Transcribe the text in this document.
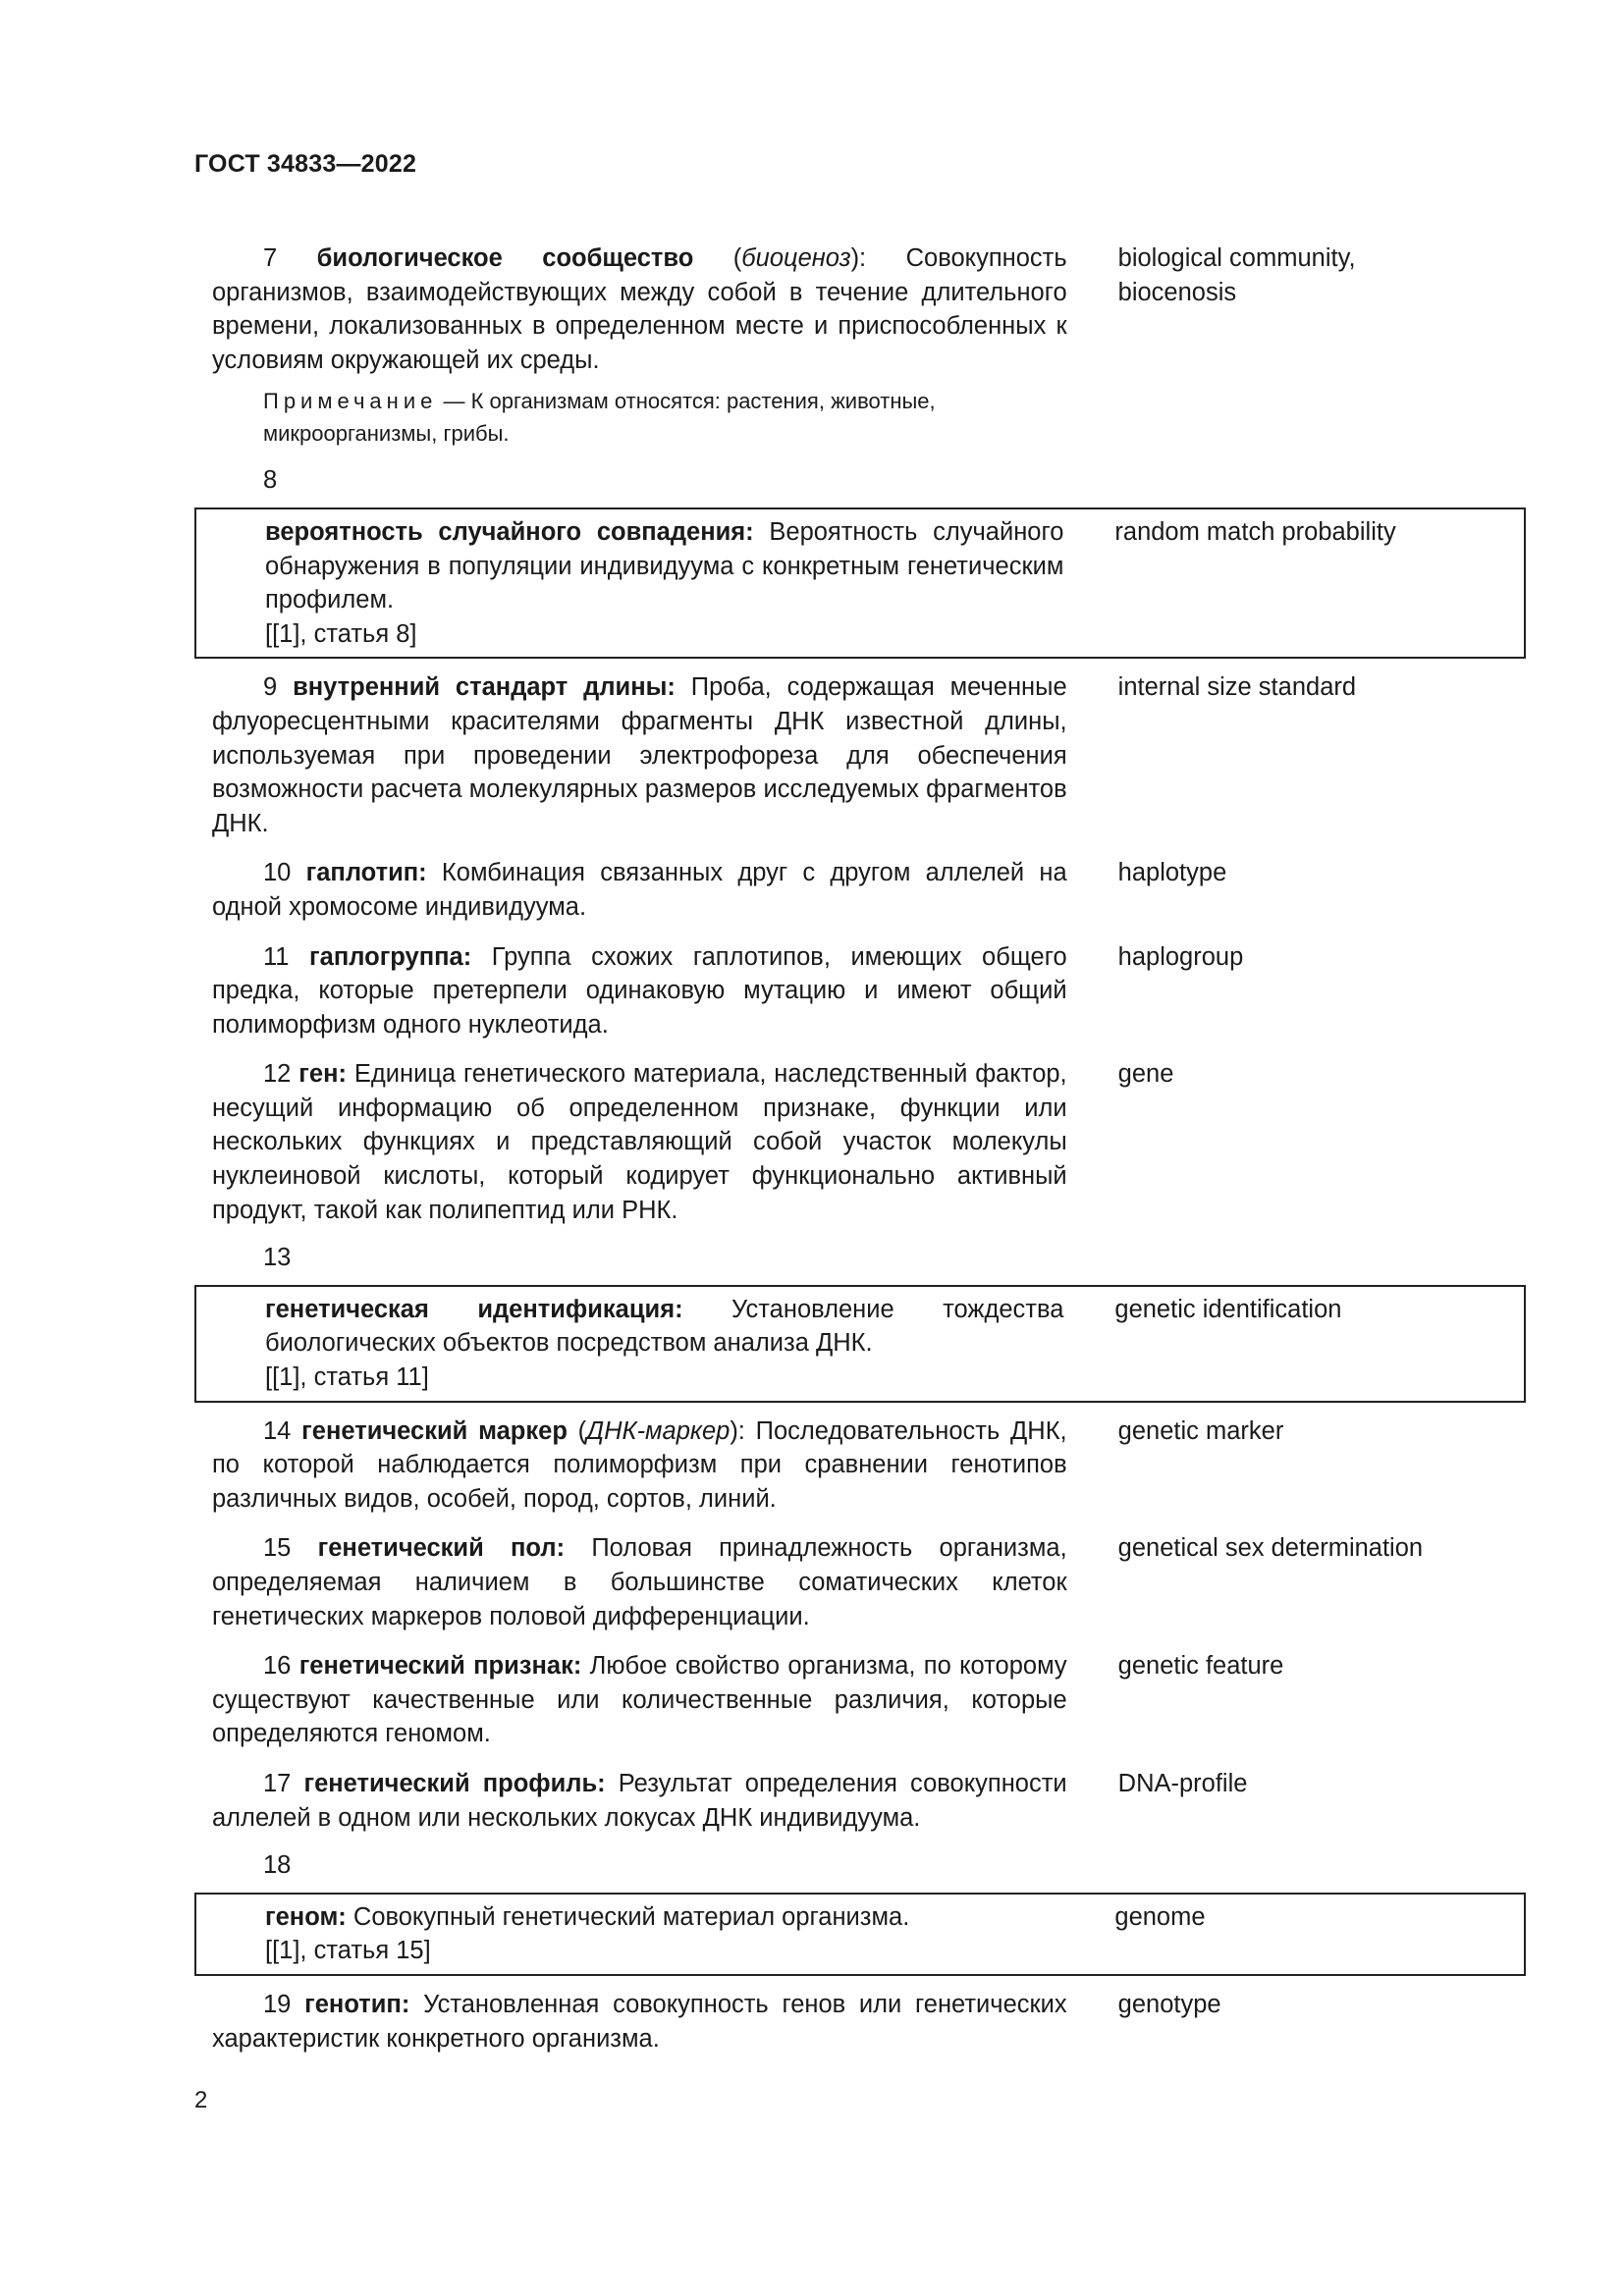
ГОСТ 34833—2022
7 биологическое сообщество (биоценоз): Совокупность организмов, взаимодействующих между собой в течение длительного времени, локализованных в определенном месте и приспособленных к условиям окружающей их среды.
biological community,
biocenosis
Примечание — К организмам относятся: растения, животные, микроорганизмы, грибы.
8
вероятность случайного совпадения: Вероятность случайного обнаружения в популяции индивидуума с конкретным генетическим профилем.
[[1], статья 8]
random match probability
9 внутренний стандарт длины: Проба, содержащая меченные флуоресцентными красителями фрагменты ДНК известной длины, используемая при проведении электрофореза для обеспечения возможности расчета молекулярных размеров исследуемых фрагментов ДНК.
internal size standard
10 гаплотип: Комбинация связанных друг с другом аллелей на одной хромосоме индивидуума.
haplotype
11 гаплогруппа: Группа схожих гаплотипов, имеющих общего предка, которые претерпели одинаковую мутацию и имеют общий полиморфизм одного нуклеотида.
haplogroup
12 ген: Единица генетического материала, наследственный фактор, несущий информацию об определенном признаке, функции или нескольких функциях и представляющий собой участок молекулы нуклеиновой кислоты, который кодирует функционально активный продукт, такой как полипептид или РНК.
gene
13
генетическая идентификация: Установление тождества биологических объектов посредством анализа ДНК.
[[1], статья 11]
genetic identification
14 генетический маркер (ДНК-маркер): Последовательность ДНК, по которой наблюдается полиморфизм при сравнении генотипов различных видов, особей, пород, сортов, линий.
genetic marker
15 генетический пол: Половая принадлежность организма, определяемая наличием в большинстве соматических клеток генетических маркеров половой дифференциации.
genetical sex determination
16 генетический признак: Любое свойство организма, по которому существуют качественные или количественные различия, которые определяются геномом.
genetic feature
17 генетический профиль: Результат определения совокупности аллелей в одном или нескольких локусах ДНК индивидуума.
DNA-profile
18
геном: Совокупный генетический материал организма.
[[1], статья 15]
genome
19 генотип: Установленная совокупность генов или генетических характеристик конкретного организма.
genotype
2
